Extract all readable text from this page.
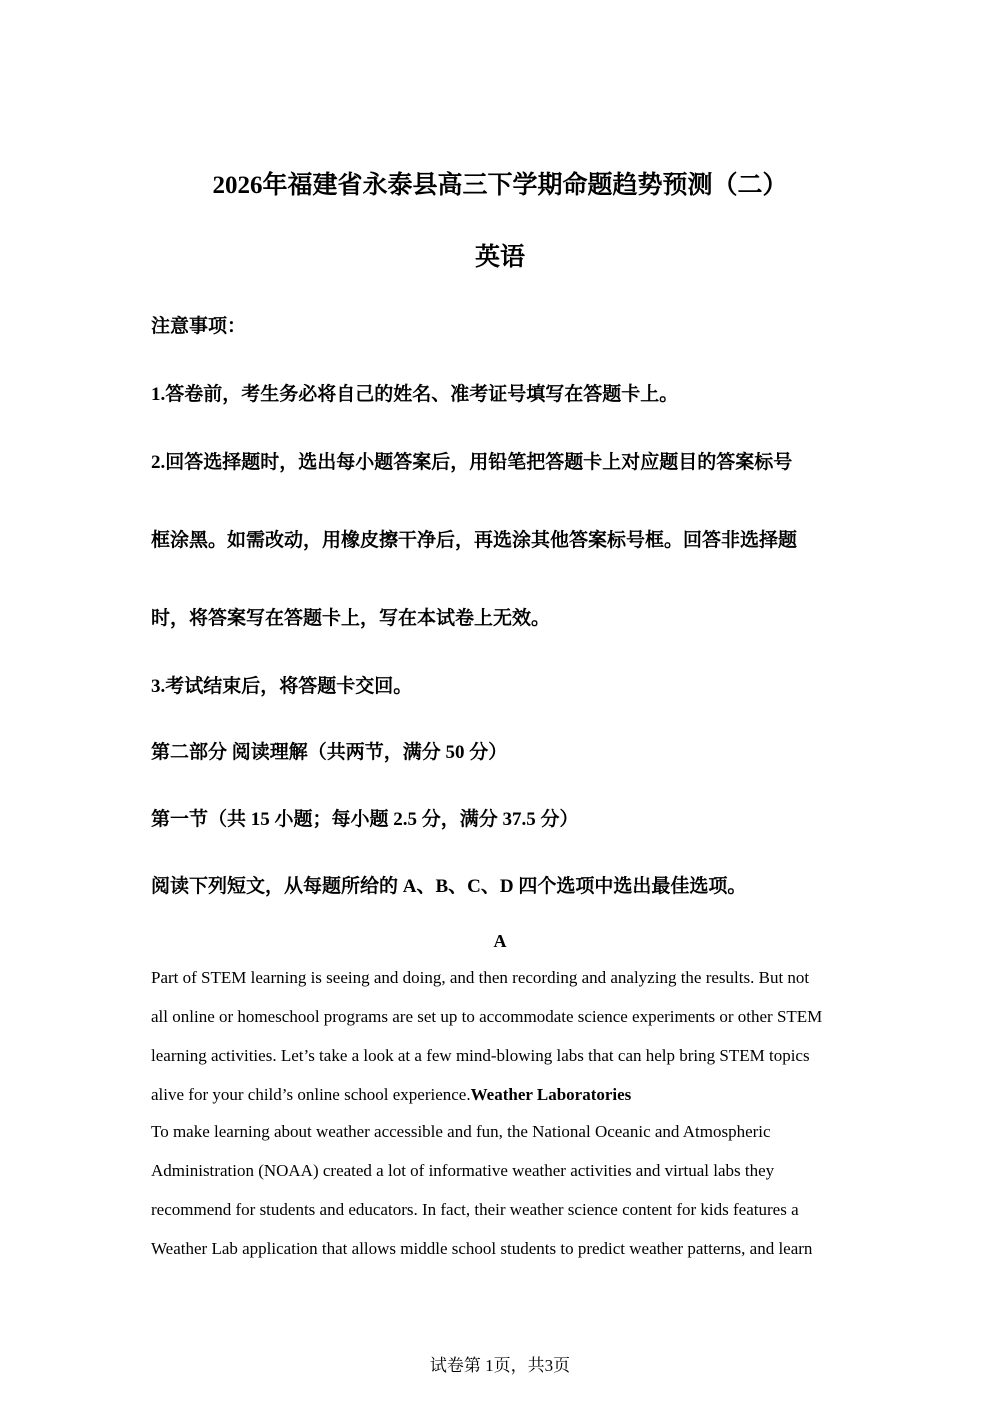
2026年福建省永泰县高三下学期命题趋势预测（二）
英语
注意事项：
1.答卷前，考生务必将自己的姓名、准考证号填写在答题卡上。
2.回答选择题时，选出每小题答案后，用铅笔把答题卡上对应题目的答案标号
框涂黑。如需改动，用橡皮擦干净后，再选涂其他答案标号框。回答非选择题
时，将答案写在答题卡上，写在本试卷上无效。
3.考试结束后，将答题卡交回。
第二部分 阅读理解（共两节，满分 50 分）
第一节（共 15 小题；每小题 2.5 分，满分 37.5 分）
阅读下列短文，从每题所给的 A、B、C、D 四个选项中选出最佳选项。
A
Part of STEM learning is seeing and doing, and then recording and analyzing the results. But not
all online or homeschool programs are set up to accommodate science experiments or other STEM
learning activities. Let’s take a look at a few mind-blowing labs that can help bring STEM topics
alive for your child’s online school experience.Weather Laboratories
To make learning about weather accessible and fun, the National Oceanic and Atmospheric
Administration (NOAA) created a lot of informative weather activities and virtual labs they
recommend for students and educators. In fact, their weather science content for kids features a
Weather Lab application that allows middle school students to predict weather patterns, and learn
试卷第 1页，共3页
